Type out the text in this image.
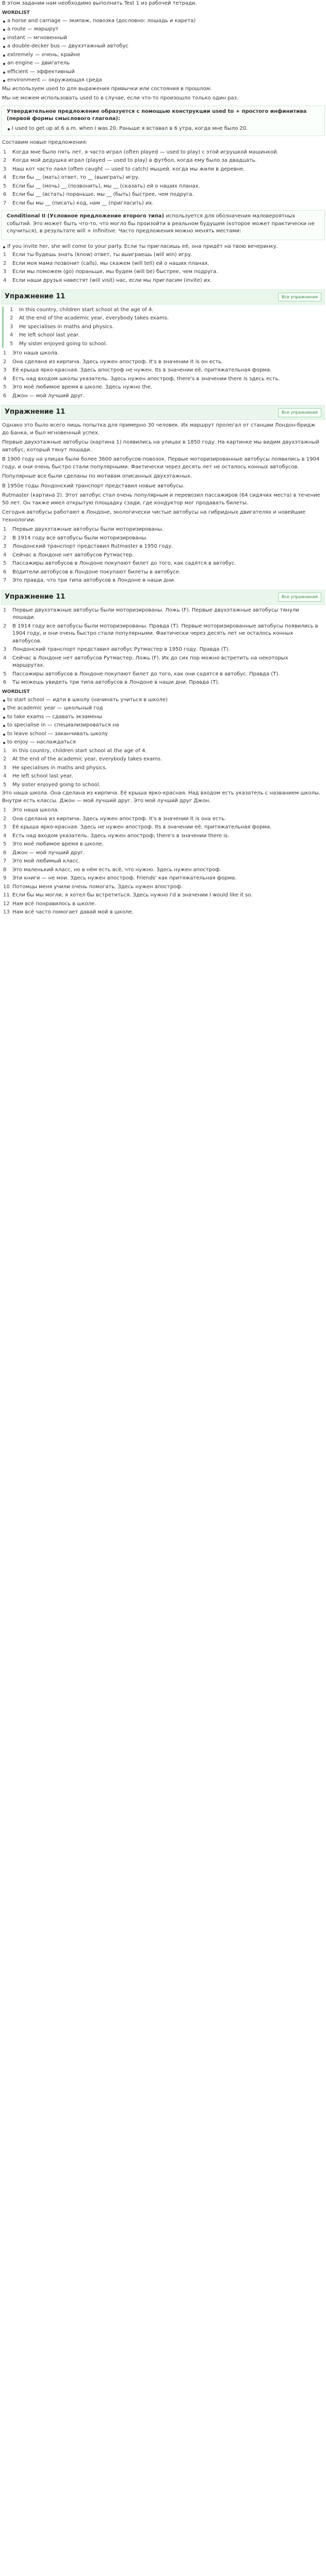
В этом задании нам необходимо выполнить Test 1 из рабочей тетради.

WORDLIST
a horse and carriage — экипаж, повозка (дословно: лошадь и карета)
a route — маршрут
instant — мгновенный
a double-decker bus — двухэтажный автобус
extremely — очень, крайне
an engine — двигатель
efficient — эффективный
environment — окружающая среда

Мы используем used to для выражения привычки или состояния в прошлом.

Мы не можем использовать used to в случае, если что-то произошло только один раз.

Утвердительное предложение образуется с помощью конструкции used to + простого инфинитива (первой формы смыслового глагола):

I used to get up at 6 a.m. when I was 20. Раньше я вставал в 6 утра, когда мне было 20.

Составим новые предложения:

1	Когда мне было пять лет, я часто играл (often played — used to play) с этой игрушкой машинкой.
2	Когда мой дедушка играл (played — used to play) в футбол, когда ему было за двадцать.
3	Наш кот часто лаял (often caught — used to catch) мышей, когда мы жили в деревне.
4	Если бы __ (мать) ответ, то __ (выиграть) игру.
5	Если бы __ (мочь) __ (позвонить), мы __ (сказать) ей о наших планах.
6	Если бы __ (встать) пораньше, мы __ (быть) быстрее, чем подруга.
7	Если бы мы __ (писать) код, нам __ (пригласить) их.

Conditional II (Условное предложение второго типа) используется для обозначения маловероятных событий. Это может быть что-то, что могло бы произойти в реальном будущем (которое может практически не случиться), в результате will + infinitive. Часто предложения можно менять местами:

If you invite her, she will come to your party. Если ты пригласишь её, она придёт на твою вечеринку.
1	Если ты будешь знать (know) ответ, ты выиграешь (will win) игру.
2	Если моя мама позвонит (calls), мы скажем (will tell) ей о наших планах.
3	Если мы поможем (go) пораньше, мы будем (will be) быстрее, чем подруга.
4	Если наши друзья навестят (will visit) нас, если мы пригласим (invite) их.
Упражнение 11	Все упражнения
1	In this country, children start school at the age of 4.
2	At the end of the academic year, everybody takes exams.
3	He specialises in maths and physics.
4	He left school last year.
5	My sister enjoyed going to school.
1	Это наша школа.
2	Она сделана из кирпича. Здесь нужен апостроф. It's в значении It is он есть.
3	Её крыша ярко-красная. Здесь апостроф не нужен. Its в значении её, притяжательная форма.
4	Есть над входом школы указатель. Здесь нужен апостроф, there's в значении there is здесь есть.
5	Это моё любимое время в школе. Здесь нужно the.
6	Джон — мой лучший друг.
Упражнение 11	Все упражнения

Однако это было всего лишь попытка для примерно 30 человек. Их маршрут пролегал от станции Лондон-бридж до Банка, и был мгновенный успех.

Первые двухэтажные автобусы (картина 1) появились на улицах в 1850 году. На картинке мы видим двухэтажный автобус, который тянут лошади.

В 1900 году на улицах были более 3600 автобусов-повозок. Первые моторизированные автобусы появились в 1904 году, и они очень быстро стали популярными. Фактически через десять лет не осталось конных автобусов.

Популярные все были сделаны по мотивам описанных двухэтажных.

В 1950е годы Лондонский транспорт представил новые автобусы.

Rutmaster (картина 2). Этот автобус стал очень популярным и перевозил пассажиров (64 сидячих места) в течение 50 лет. Он также имел открытую площадку сзади, где кондуктор мог продавать билеты.

Сегодня автобусы работают в Лондоне, экологически чистые автобусы на гибридных двигателях и новейшие технологии.

1	Первые двухэтажные автобусы были моторизированы.
2	В 1914 году все автобусы были моторизированы.
3	Лондонский транспорт представил Rutmaster в 1950 году.
4	Сейчас в Лондоне нет автобусов Рутмастер.
5	Пассажиры автобусов в Лондоне покупают билет до того, как садятся в автобус.
6	Водители автобусов в Лондоне покупают билеты в автобусе.
7	Это правда, что три типа автобусов в Лондоне в наши дни.
Упражнение 11	Все упражнения
1	Первые двухэтажные автобусы были моторизированы. Ложь (F). Первые двухэтажные автобусы тянули лошади.
2	В 1914 году все автобусы были моторизированы. Правда (T). Первые моторизированные автобусы появились в 1904 году, и они очень быстро стали популярными. Фактически через десять лет не осталось конных автобусов.
3	Лондонский транспорт представил автобус Рутмастер в 1950 году. Правда (T).
4	Сейчас в Лондоне нет автобусов Рутмастер. Ложь (F). Их до сих пор можно встретить на некоторых маршрутах.
5	Пассажиры автобусов в Лондоне покупают билет до того, как они садятся в автобус. Правда (T).
6	Ты можешь увидеть три типа автобусов в Лондоне в наши дни. Правда (T).
WORDLIST
to start school — идти в школу (начинать учиться в школе)
the academic year — школьный год
to take exams — сдавать экзамены
to specialise in — специализироваться на
to leave school — заканчивать школу
to enjoy — наслаждаться
1	In this country, children start school at the age of 4.
2	At the end of the academic year, everybody takes exams.
3	He specialises in maths and physics.
4	He left school last year.
5	My sister enjoyed going to school.

Это наша школа. Она сделана из кирпича. Её крыша ярко-красная. Над входом есть указатель с названием школы. Внутри есть классы. Джон — мой лучший друг. Это мой лучший друг Джон.

1	Это наша школа.
2	Она сделана из кирпича. Здесь нужен апостроф. It's в значении It is она есть.
3	Её крыша ярко-красная. Здесь не нужен апостроф. Its в значении её, притяжательная форма.
4	Есть над входом указатель. Здесь нужен апостроф, there's в значении there is.
5	Это моё любимое время в школе.
6	Джон — мой лучший друг.
7	Это мой любимый класс.
8	Это маленький класс, но в нём есть всё, что нужно. Здесь нужен апостроф.
9	Эти книги — не мои. Здесь нужен апостроф. Friends' как притяжательная форма.
10 Потомцы меня учили очень помогать. Здесь нужен апостроф.
11 Если бы мы могли, я хотел бы встретиться. Здесь нужно I'd в значении I would like it so.
12 Нам всё понравилось в школе.
13 Нам всё часто помогает давай мой в школе.
